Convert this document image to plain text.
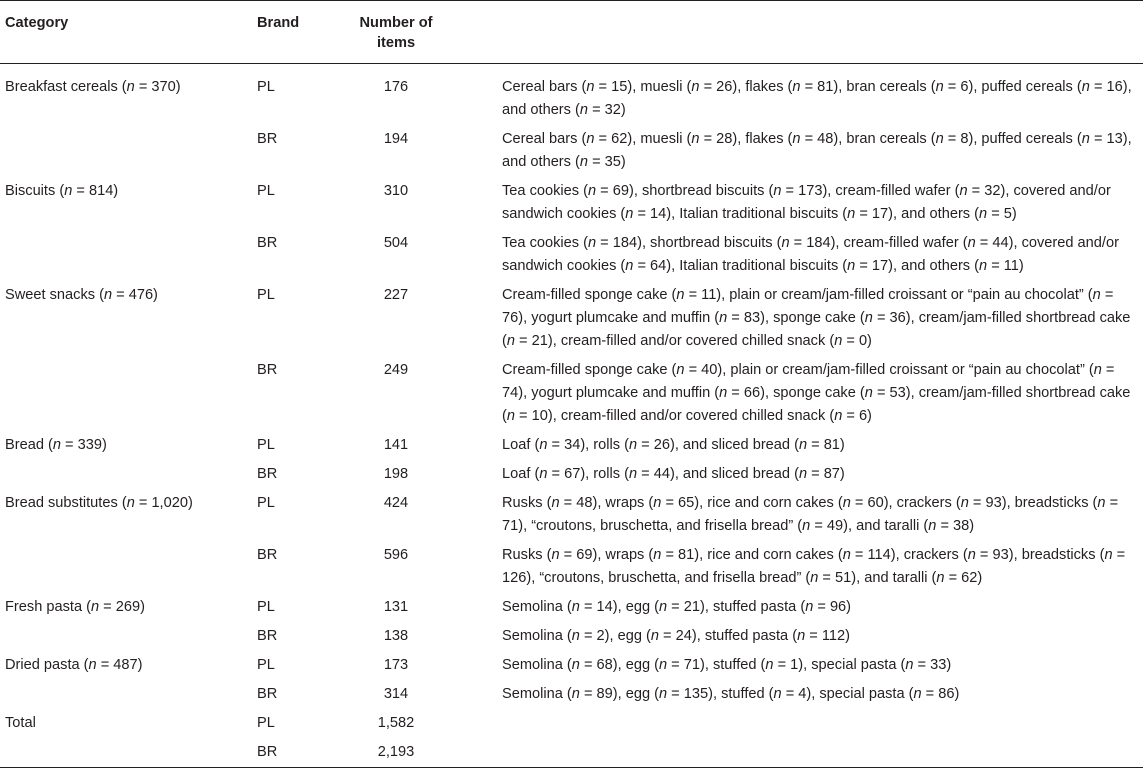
Category	Brand	Number of items	
Breakfast cereals (n = 370)	PL	176	Cereal bars (n = 15), muesli (n = 26), flakes (n = 81), bran cereals (n = 6), puffed cereals (n = 16), and others (n = 32)
	BR	194	Cereal bars (n = 62), muesli (n = 28), flakes (n = 48), bran cereals (n = 8), puffed cereals (n = 13), and others (n = 35)
Biscuits (n = 814)	PL	310	Tea cookies (n = 69), shortbread biscuits (n = 173), cream-filled wafer (n = 32), covered and/or sandwich cookies (n = 14), Italian traditional biscuits (n = 17), and others (n = 5)
	BR	504	Tea cookies (n = 184), shortbread biscuits (n = 184), cream-filled wafer (n = 44), covered and/or sandwich cookies (n = 64), Italian traditional biscuits (n = 17), and others (n = 11)
Sweet snacks (n = 476)	PL	227	Cream-filled sponge cake (n = 11), plain or cream/jam-filled croissant or “pain au chocolat” (n = 76), yogurt plumcake and muffin (n = 83), sponge cake (n = 36), cream/jam-filled shortbread cake (n = 21), cream-filled and/or covered chilled snack (n = 0)
	BR	249	Cream-filled sponge cake (n = 40), plain or cream/jam-filled croissant or “pain au chocolat” (n = 74), yogurt plumcake and muffin (n = 66), sponge cake (n = 53), cream/jam-filled shortbread cake (n = 10), cream-filled and/or covered chilled snack (n = 6)
Bread (n = 339)	PL	141	Loaf (n = 34), rolls (n = 26), and sliced bread (n = 81)
	BR	198	Loaf (n = 67), rolls (n = 44), and sliced bread (n = 87)
Bread substitutes (n = 1,020)	PL	424	Rusks (n = 48), wraps (n = 65), rice and corn cakes (n = 60), crackers (n = 93), breadsticks (n = 71), “croutons, bruschetta, and frisella bread” (n = 49), and taralli (n = 38)
	BR	596	Rusks (n = 69), wraps (n = 81), rice and corn cakes (n = 114), crackers (n = 93), breadsticks (n = 126), “croutons, bruschetta, and frisella bread” (n = 51), and taralli (n = 62)
Fresh pasta (n = 269)	PL	131	Semolina (n = 14), egg (n = 21), stuffed pasta (n = 96)
	BR	138	Semolina (n = 2), egg (n = 24), stuffed pasta (n = 112)
Dried pasta (n = 487)	PL	173	Semolina (n = 68), egg (n = 71), stuffed (n = 1), special pasta (n = 33)
	BR	314	Semolina (n = 89), egg (n = 135), stuffed (n = 4), special pasta (n = 86)
Total	PL	1,582	
	BR	2,193	
